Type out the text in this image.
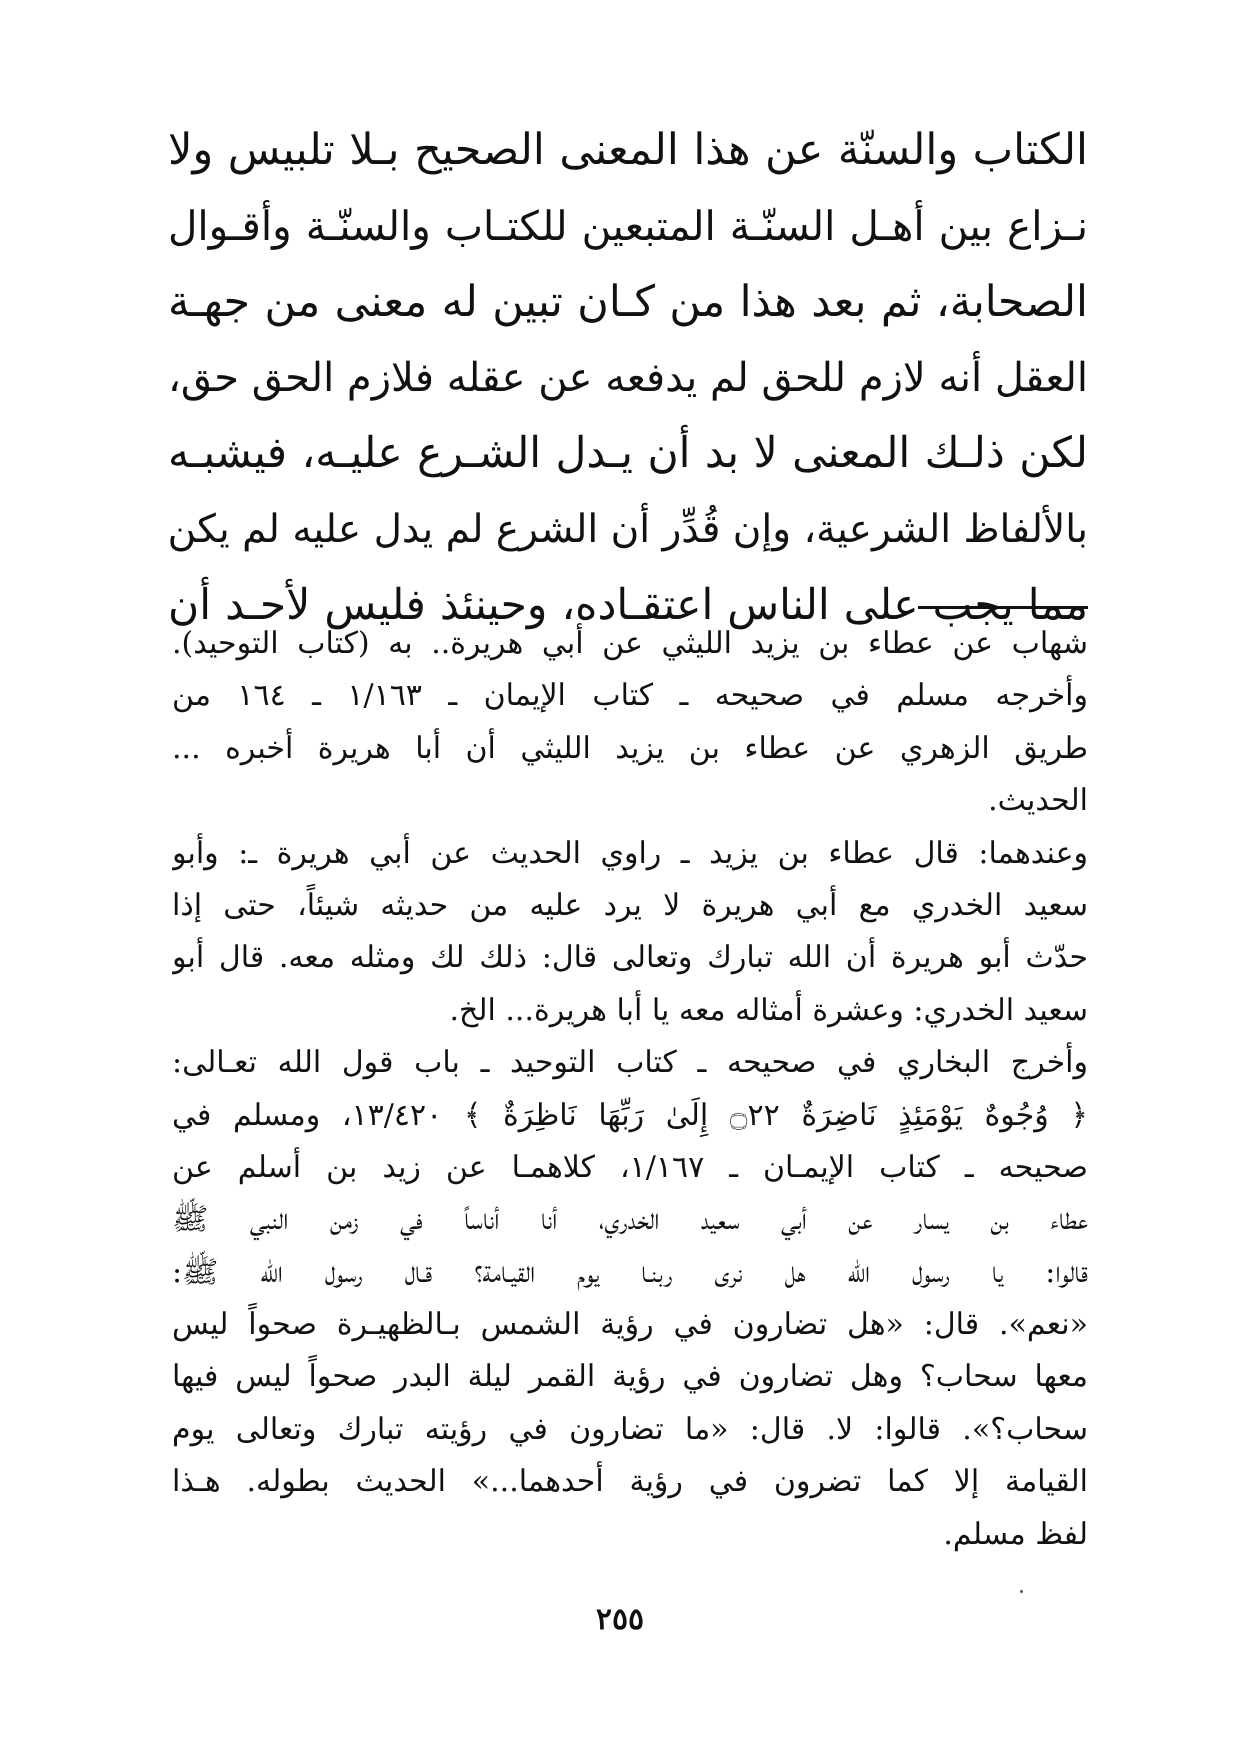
الكتاب والسنّة عن هذا المعنى الصحيح بـلا تلبيس ولا
نـزاع بين أهـل السنّـة المتبعين للكتـاب والسنّـة وأقـوال
الصحابة، ثم بعد هذا من كـان تبين له معنى من جهـة
العقل أنه لازم للحق لم يدفعه عن عقله فلازم الحق حق،
لكن ذلـك المعنى لا بد أن يـدل الشـرع عليـه، فيشبـه
بالألفاظ الشرعية، وإن قُدِّر أن الشرع لم يدل عليه لم يكن
مما يجب على الناس اعتقـاده، وحينئذ فليس لأحـد أن
شهاب عن عطاء بن يزيد الليثي عن أبي هريرة.. به (كتاب التوحيد).
وأخرجه مسلم في صحيحه ـ كتاب الإيمان ـ ١/١٦٣ ـ ١٦٤ من
طريق الزهري عن عطاء بن يزيد الليثي أن أبا هريرة أخبره ...
الحديث.
وعندهما: قال عطاء بن يزيد ـ راوي الحديث عن أبي هريرة ـ: وأبو
سعيد الخدري مع أبي هريرة لا يرد عليه من حديثه شيئاً، حتى إذا
حدّث أبو هريرة أن الله تبارك وتعالى قال: ذلك لك ومثله معه. قال أبو
سعيد الخدري: وعشرة أمثاله معه يا أبا هريرة... الخ.
وأخرج البخاري في صحيحه ـ كتاب التوحيد ـ باب قول الله تعـالى:
﴿ وُجُوهٌ يَوْمَئِذٍ نَاضِرَةٌ ۝٢٢ إِلَىٰ رَبِّهَا نَاظِرَةٌ ﴾ ١٣/٤٢٠، ومسلم في
صحيحه ـ كتاب الإيمـان ـ ١/١٦٧، كلاهمـا عن زيد بن أسلم عن
عطاء بن يسار عن أبي سعيد الخدري، أنا أناساً في زمن النبي ﷺ
قالوا: يا رسول الله هل نرى ربنـا يوم القيـامة؟ قـال رسول الله ﷺ:
«نعم». قال: «هل تضارون في رؤية الشمس بـالظهيـرة صحواً ليس
معها سحاب؟ وهل تضارون في رؤية القمر ليلة البدر صحواً ليس فيها
سحاب؟». قالوا: لا. قال: «ما تضارون في رؤيته تبارك وتعالى يوم
القيامة إلا كما تضرون في رؤية أحدهما...» الحديث بطوله. هـذا
لفظ مسلم.
٢٥٥
